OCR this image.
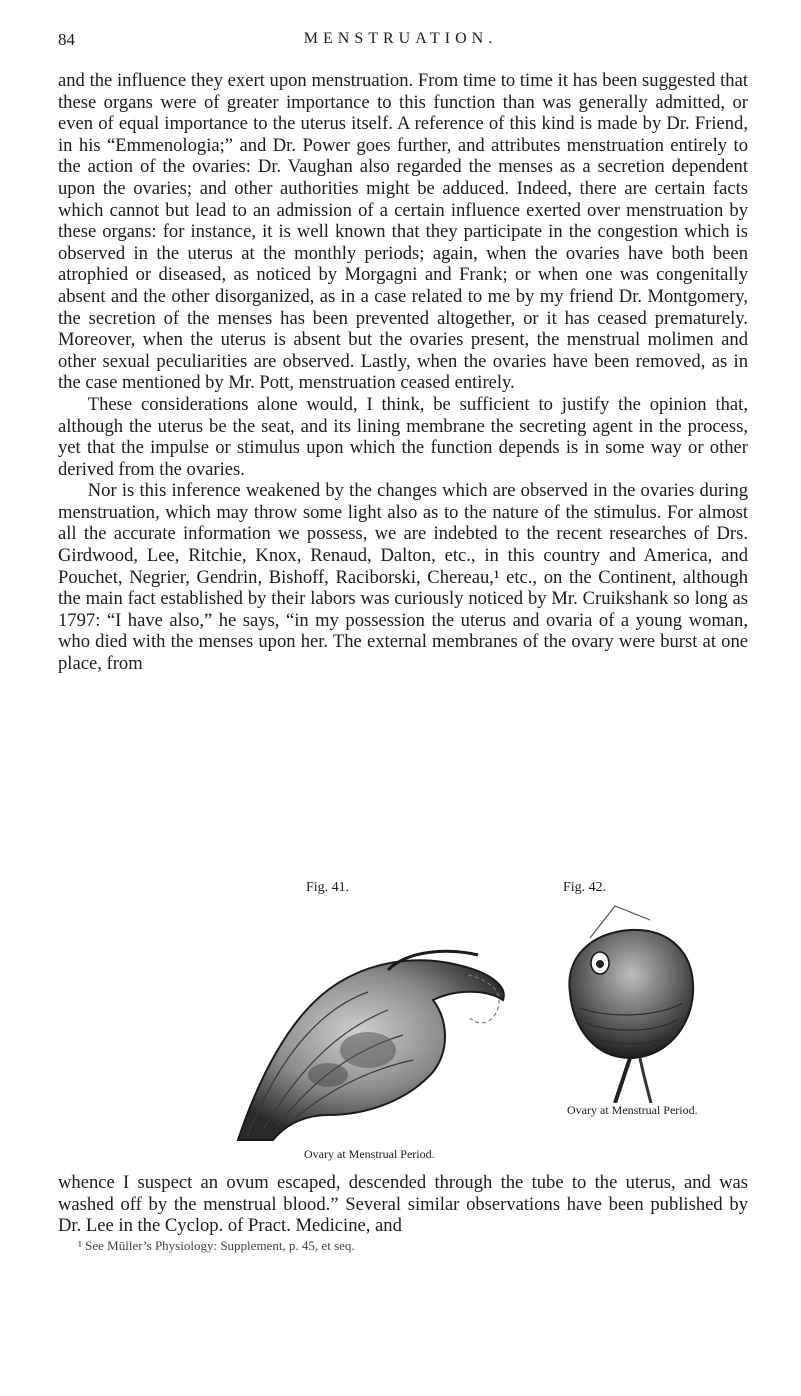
84	MENSTRUATION.

and the influence they exert upon menstruation. From time to time it has been suggested that these organs were of greater importance to this function than was generally admitted, or even of equal importance to the uterus itself. A reference of this kind is made by Dr. Friend, in his “Emmenologia;” and Dr. Power goes further, and attributes menstruation entirely to the action of the ovaries: Dr. Vaughan also regarded the menses as a secretion dependent upon the ovaries; and other authorities might be adduced. Indeed, there are certain facts which cannot but lead to an admission of a certain influence exerted over menstruation by these organs: for instance, it is well known that they participate in the congestion which is observed in the uterus at the monthly periods; again, when the ovaries have both been atrophied or diseased, as noticed by Morgagni and Frank; or when one was congenitally absent and the other disorganized, as in a case related to me by my friend Dr. Montgomery, the secretion of the menses has been prevented altogether, or it has ceased prematurely. Moreover, when the uterus is absent but the ovaries present, the menstrual molimen and other sexual peculiarities are observed. Lastly, when the ovaries have been removed, as in the case mentioned by Mr. Pott, menstruation ceased entirely.

These considerations alone would, I think, be sufficient to justify the opinion that, although the uterus be the seat, and its lining membrane the secreting agent in the process, yet that the impulse or stimulus upon which the function depends is in some way or other derived from the ovaries.

Nor is this inference weakened by the changes which are observed in the ovaries during menstruation, which may throw some light also as to the nature of the stimulus. For almost all the accurate information we possess, we are indebted to the recent researches of Drs. Girdwood, Lee, Ritchie, Knox, Renaud, Dalton, etc., in this country and America, and Pouchet, Negrier, Gendrin, Bishoff, Raciborski, Chereau,¹ etc., on the Continent, although the main fact established by their labors was curiously noticed by Mr. Cruikshank so long as 1797: “I have also,” he says, “in my possession the uterus and ovaria of a young woman, who died with the menses upon her. The external membranes of the ovary were burst at one place, from

Fig. 41.	Fig. 42.
Ovary at Menstrual Period.
Ovary at Menstrual Period.

whence I suspect an ovum escaped, descended through the tube to the uterus, and was washed off by the menstrual blood.” Several similar observations have been published by Dr. Lee in the Cyclop. of Pract. Medicine, and

¹ See Müller’s Physiology: Supplement, p. 45, et seq.
